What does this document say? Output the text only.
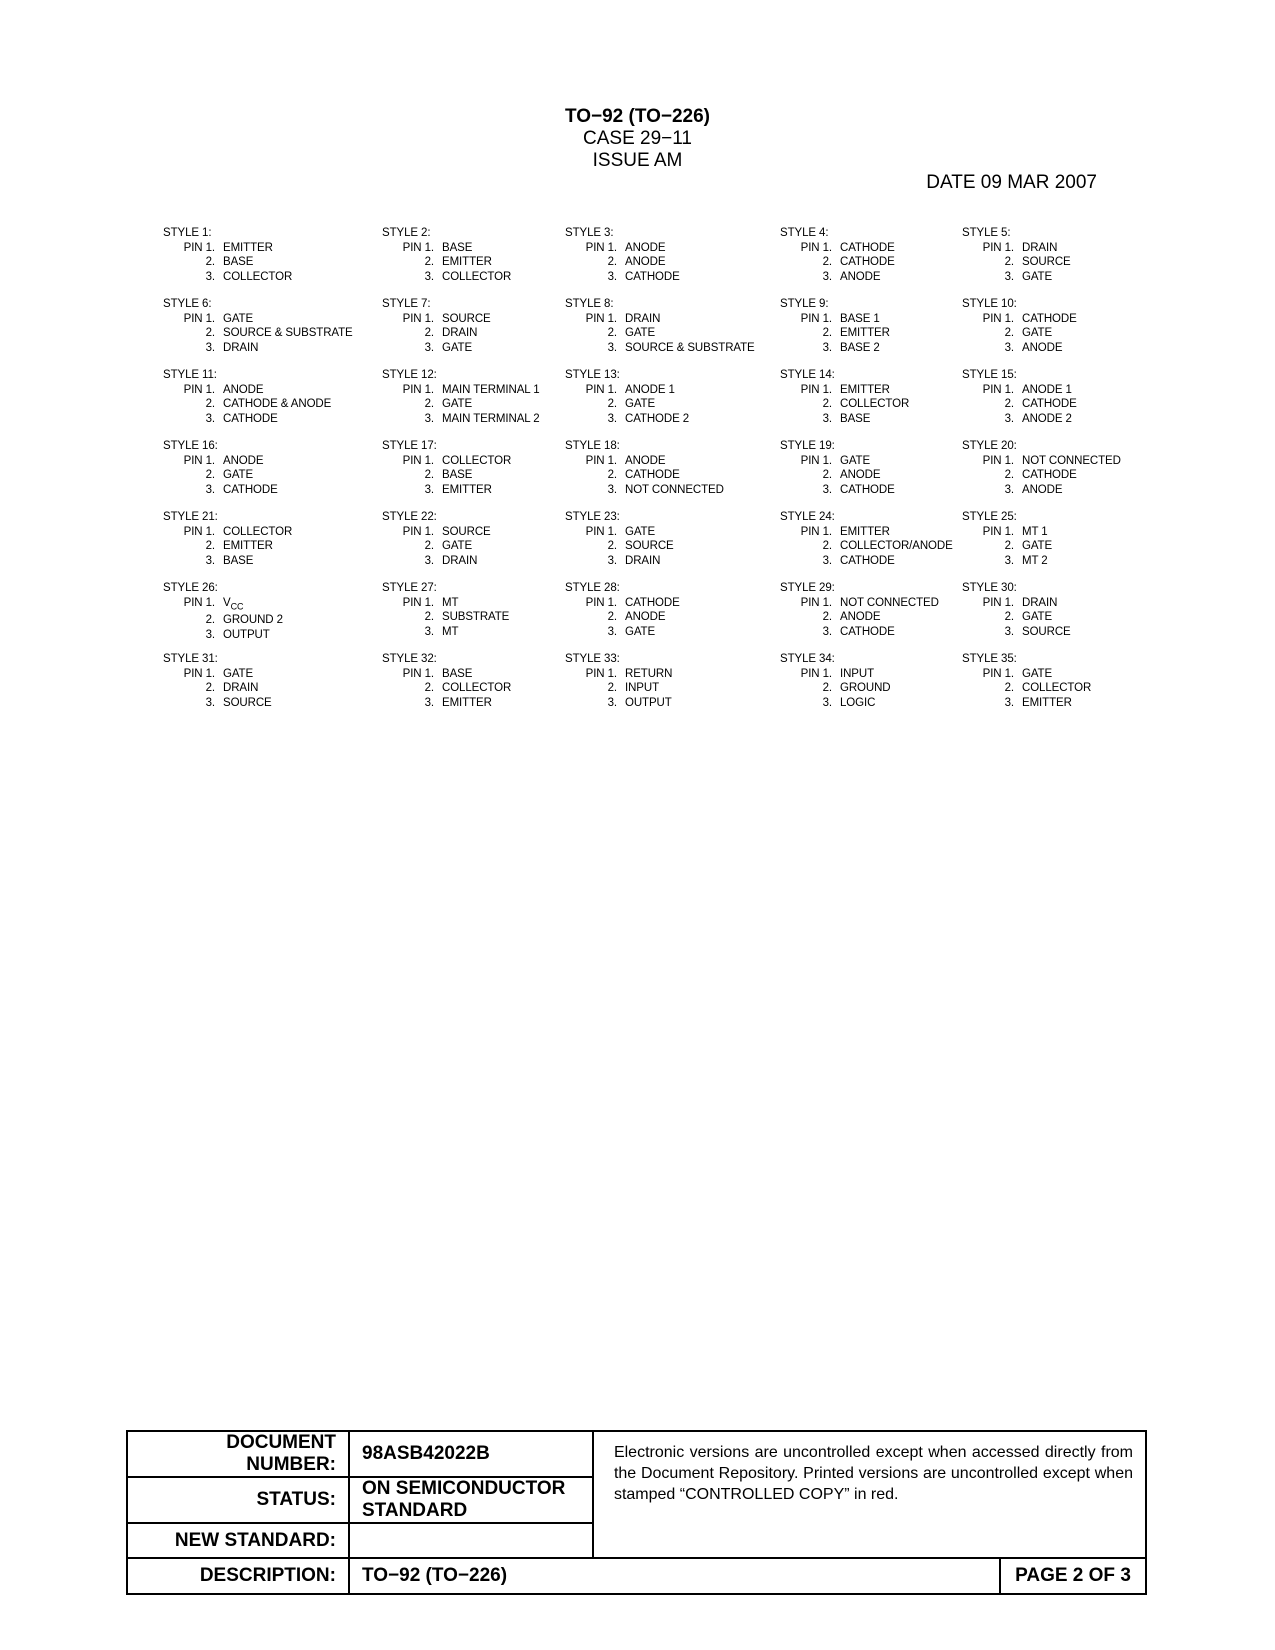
TO−92 (TO−226)
CASE 29−11
ISSUE AM
DATE 09 MAR 2007
STYLE 1:
PIN 1. EMITTER
2. BASE
3. COLLECTOR
STYLE 2:
PIN 1. BASE
2. EMITTER
3. COLLECTOR
STYLE 3:
PIN 1. ANODE
2. ANODE
3. CATHODE
STYLE 4:
PIN 1. CATHODE
2. CATHODE
3. ANODE
STYLE 5:
PIN 1. DRAIN
2. SOURCE
3. GATE
STYLE 6:
PIN 1. GATE
2. SOURCE & SUBSTRATE
3. DRAIN
STYLE 7:
PIN 1. SOURCE
2. DRAIN
3. GATE
STYLE 8:
PIN 1. DRAIN
2. GATE
3. SOURCE & SUBSTRATE
STYLE 9:
PIN 1. BASE 1
2. EMITTER
3. BASE 2
STYLE 10:
PIN 1. CATHODE
2. GATE
3. ANODE
STYLE 11:
PIN 1. ANODE
2. CATHODE & ANODE
3. CATHODE
STYLE 12:
PIN 1. MAIN TERMINAL 1
2. GATE
3. MAIN TERMINAL 2
STYLE 13:
PIN 1. ANODE 1
2. GATE
3. CATHODE 2
STYLE 14:
PIN 1. EMITTER
2. COLLECTOR
3. BASE
STYLE 15:
PIN 1. ANODE 1
2. CATHODE
3. ANODE 2
STYLE 16:
PIN 1. ANODE
2. GATE
3. CATHODE
STYLE 17:
PIN 1. COLLECTOR
2. BASE
3. EMITTER
STYLE 18:
PIN 1. ANODE
2. CATHODE
3. NOT CONNECTED
STYLE 19:
PIN 1. GATE
2. ANODE
3. CATHODE
STYLE 20:
PIN 1. NOT CONNECTED
2. CATHODE
3. ANODE
STYLE 21:
PIN 1. COLLECTOR
2. EMITTER
3. BASE
STYLE 22:
PIN 1. SOURCE
2. GATE
3. DRAIN
STYLE 23:
PIN 1. GATE
2. SOURCE
3. DRAIN
STYLE 24:
PIN 1. EMITTER
2. COLLECTOR/ANODE
3. CATHODE
STYLE 25:
PIN 1. MT 1
2. GATE
3. MT 2
STYLE 26:
PIN 1. $V_{CC}$
2. GROUND 2
3. OUTPUT
STYLE 27:
PIN 1. MT
2. SUBSTRATE
3. MT
STYLE 28:
PIN 1. CATHODE
2. ANODE
3. GATE
STYLE 29:
PIN 1. NOT CONNECTED
2. ANODE
3. CATHODE
STYLE 30:
PIN 1. DRAIN
2. GATE
3. SOURCE
STYLE 31:
PIN 1. GATE
2. DRAIN
3. SOURCE
STYLE 32:
PIN 1. BASE
2. COLLECTOR
3. EMITTER
STYLE 33:
PIN 1. RETURN
2. INPUT
3. OUTPUT
STYLE 34:
PIN 1. INPUT
2. GROUND
3. LOGIC
STYLE 35:
PIN 1. GATE
2. COLLECTOR
3. EMITTER
DOCUMENT NUMBER:	98ASB42022B	Electronic versions are uncontrolled except when accessed directly from the Document Repository. Printed versions are uncontrolled except when stamped “CONTROLLED COPY” in red.	
STATUS:	ON SEMICONDUCTOR STANDARD		
NEW STANDARD:			
DESCRIPTION:	TO−92 (TO−226)		PAGE 2 OF 3
